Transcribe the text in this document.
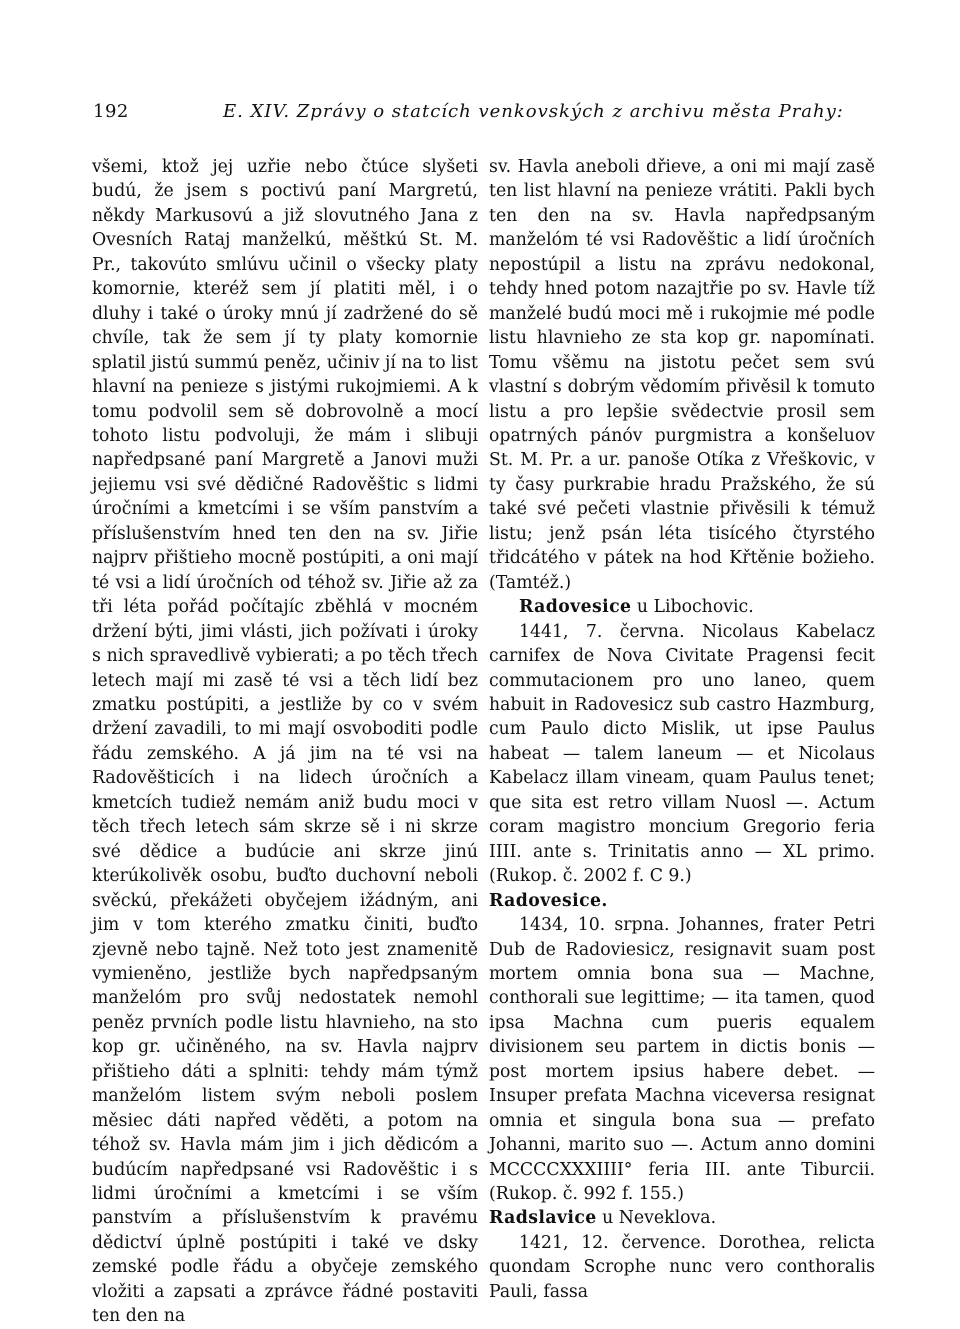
192	E. XIV. Zprávy o statcích venkovských z archivu města Prahy:

všemi, ktož jej uzřie nebo čtúce slyšeti budú, že jsem s poctivú paní Margretú, někdy Markusovú a již slovutného Jana z Ovesních Rataj manželkú, měštkú St. M. Pr., takovúto smlúvu učinil o všecky platy komornie, kteréž sem jí platiti měl, i o dluhy i také o úroky mnú jí zadržené do sě chvíle, tak že sem jí ty platy komornie splatil jistú summú peněz, učiniv jí na to list hlavní na penieze s jistými rukojmiemi. A k tomu podvolil sem sě dobrovolně a mocí tohoto listu podvoluji, že mám i slibuji napředpsané paní Margretě a Janovi muži jejiemu vsi své dědičné Radověštic s lidmi úročními a kmetcími i se vším panstvím a příslušenstvím hned ten den na sv. Jiřie najprv přištieho mocně postúpiti, a oni mají té vsi a lidí úročních od téhož sv. Jiřie až za tři léta pořád počítajíc zběhlá v mocném držení býti, jimi vlásti, jich požívati i úroky s nich spravedlivě vybierati; a po těch třech letech mají mi zasě té vsi a těch lidí bez zmatku postúpiti, a jestliže by co v svém držení zavadili, to mi mají osvoboditi podle řádu zemského. A já jim na té vsi na Radověšticích i na lidech úročních a kmetcích tudiež nemám aniž budu moci v těch třech letech sám skrze sě i ni skrze své dědice a budúcie ani skrze jinú kterúkolivěk osobu, buďto duchovní neboli svěckú, překážeti obyčejem ižádným, ani jim v tom kterého zmatku činiti, buďto zjevně nebo tajně. Než toto jest znamenitě vymieněno, jestliže bych napředpsaným manželóm pro svůj nedostatek nemohl peněz prvních podle listu hlavnieho, na sto kop gr. učiněného, na sv. Havla najprv přištieho dáti a splniti: tehdy mám týmž manželóm listem svým neboli poslem měsiec dáti napřed věděti, a potom na téhož sv. Havla mám jim i jich dědicóm a budúcím napředpsané vsi Radověštic i s lidmi úročními a kmetcími i se vším panstvím a příslušenstvím k pravému dědictví úplně postúpiti i také ve dsky zemské podle řádu a obyčeje zemského vložiti a zapsati a zprávce řádné postaviti ten den na

sv. Havla aneboli dřieve, a oni mi mají zasě ten list hlavní na penieze vrátiti. Pakli bych ten den na sv. Havla napředpsaným manželóm té vsi Radověštic a lidí úročních nepostúpil a listu na zprávu nedokonal, tehdy hned potom nazajtřie po sv. Havle tíž manželé budú moci mě i rukojmie mé podle listu hlavnieho ze sta kop gr. napomínati. Tomu všěmu na jistotu pečet sem svú vlastní s dobrým vědomím přivěsil k tomuto listu a pro lepšie svědectvie prosil sem opatrných pánóv purgmistra a konšeluov St. M. Pr. a ur. panoše Otíka z Vřeškovic, v ty časy purkrabie hradu Pražského, že sú také své pečeti vlastnie přivěsili k témuž listu; jenž psán léta tisícého čtyrstého třidcátého v pátek na hod Křtěnie božieho. (Tamtéž.)

Radovesice u Libochovic.

1441, 7. června. Nicolaus Kabelacz carnifex de Nova Civitate Pragensi fecit commutacionem pro uno laneo, quem habuit in Radovesicz sub castro Hazmburg, cum Paulo dicto Mislik, ut ipse Paulus habeat — talem laneum — et Nicolaus Kabelacz illam vineam, quam Paulus tenet; que sita est retro villam Nuosl —. Actum coram magistro moncium Gregorio feria IIII. ante s. Trinitatis anno — XL primo. (Rukop. č. 2002 f. C 9.)

Radovesice.

1434, 10. srpna. Johannes, frater Petri Dub de Radoviesicz, resignavit suam post mortem omnia bona sua — Machne, conthorali sue legittime; — ita tamen, quod ipsa Machna cum pueris equalem divisionem seu partem in dictis bonis — post mortem ipsius habere debet. — Insuper prefata Machna viceversa resignat omnia et singula bona sua — prefato Johanni, marito suo —. Actum anno domini MCCCCXXXIIII° feria III. ante Tiburcii. (Rukop. č. 992 f. 155.)

Radslavice u Neveklova.

1421, 12. července. Dorothea, relicta quondam Scrophe nunc vero conthoralis Pauli, fassa
